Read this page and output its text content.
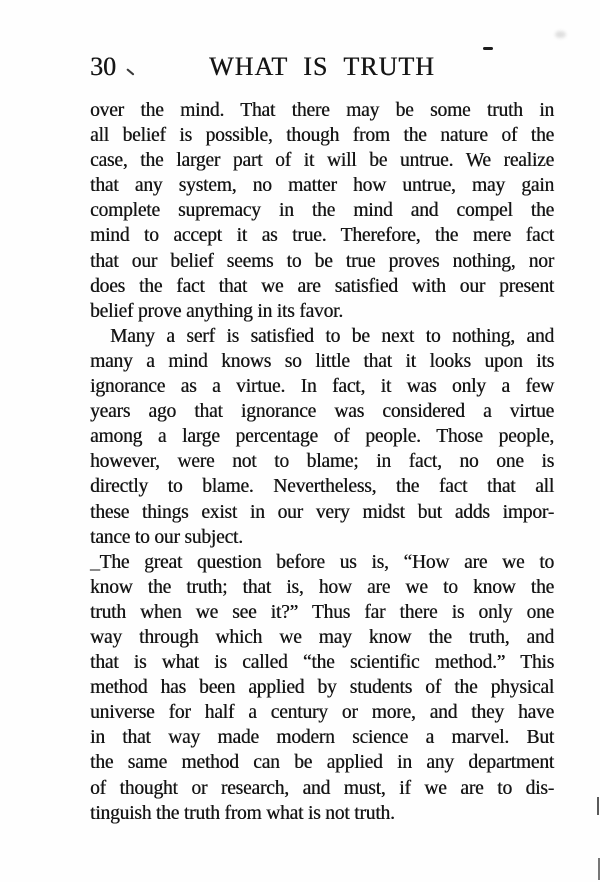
30	WHAT IS TRUTH
over the mind. That there may be some truth in
all belief is possible, though from the nature of the
case, the larger part of it will be untrue. We realize
that any system, no matter how untrue, may gain
complete supremacy in the mind and compel the
mind to accept it as true. Therefore, the mere fact
that our belief seems to be true proves nothing, nor
does the fact that we are satisfied with our present
belief prove anything in its favor.
Many a serf is satisfied to be next to nothing, and
many a mind knows so little that it looks upon its
ignorance as a virtue. In fact, it was only a few
years ago that ignorance was considered a virtue
among a large percentage of people. Those people,
however, were not to blame; in fact, no one is
directly to blame. Nevertheless, the fact that all
these things exist in our very midst but adds impor-
tance to our subject.
_The great question before us is, “How are we to
know the truth; that is, how are we to know the
truth when we see it?” Thus far there is only one
way through which we may know the truth, and
that is what is called “the scientific method.” This
method has been applied by students of the physical
universe for half a century or more, and they have
in that way made modern science a marvel. But
the same method can be applied in any department
of thought or research, and must, if we are to dis-
tinguish the truth from what is not truth.
